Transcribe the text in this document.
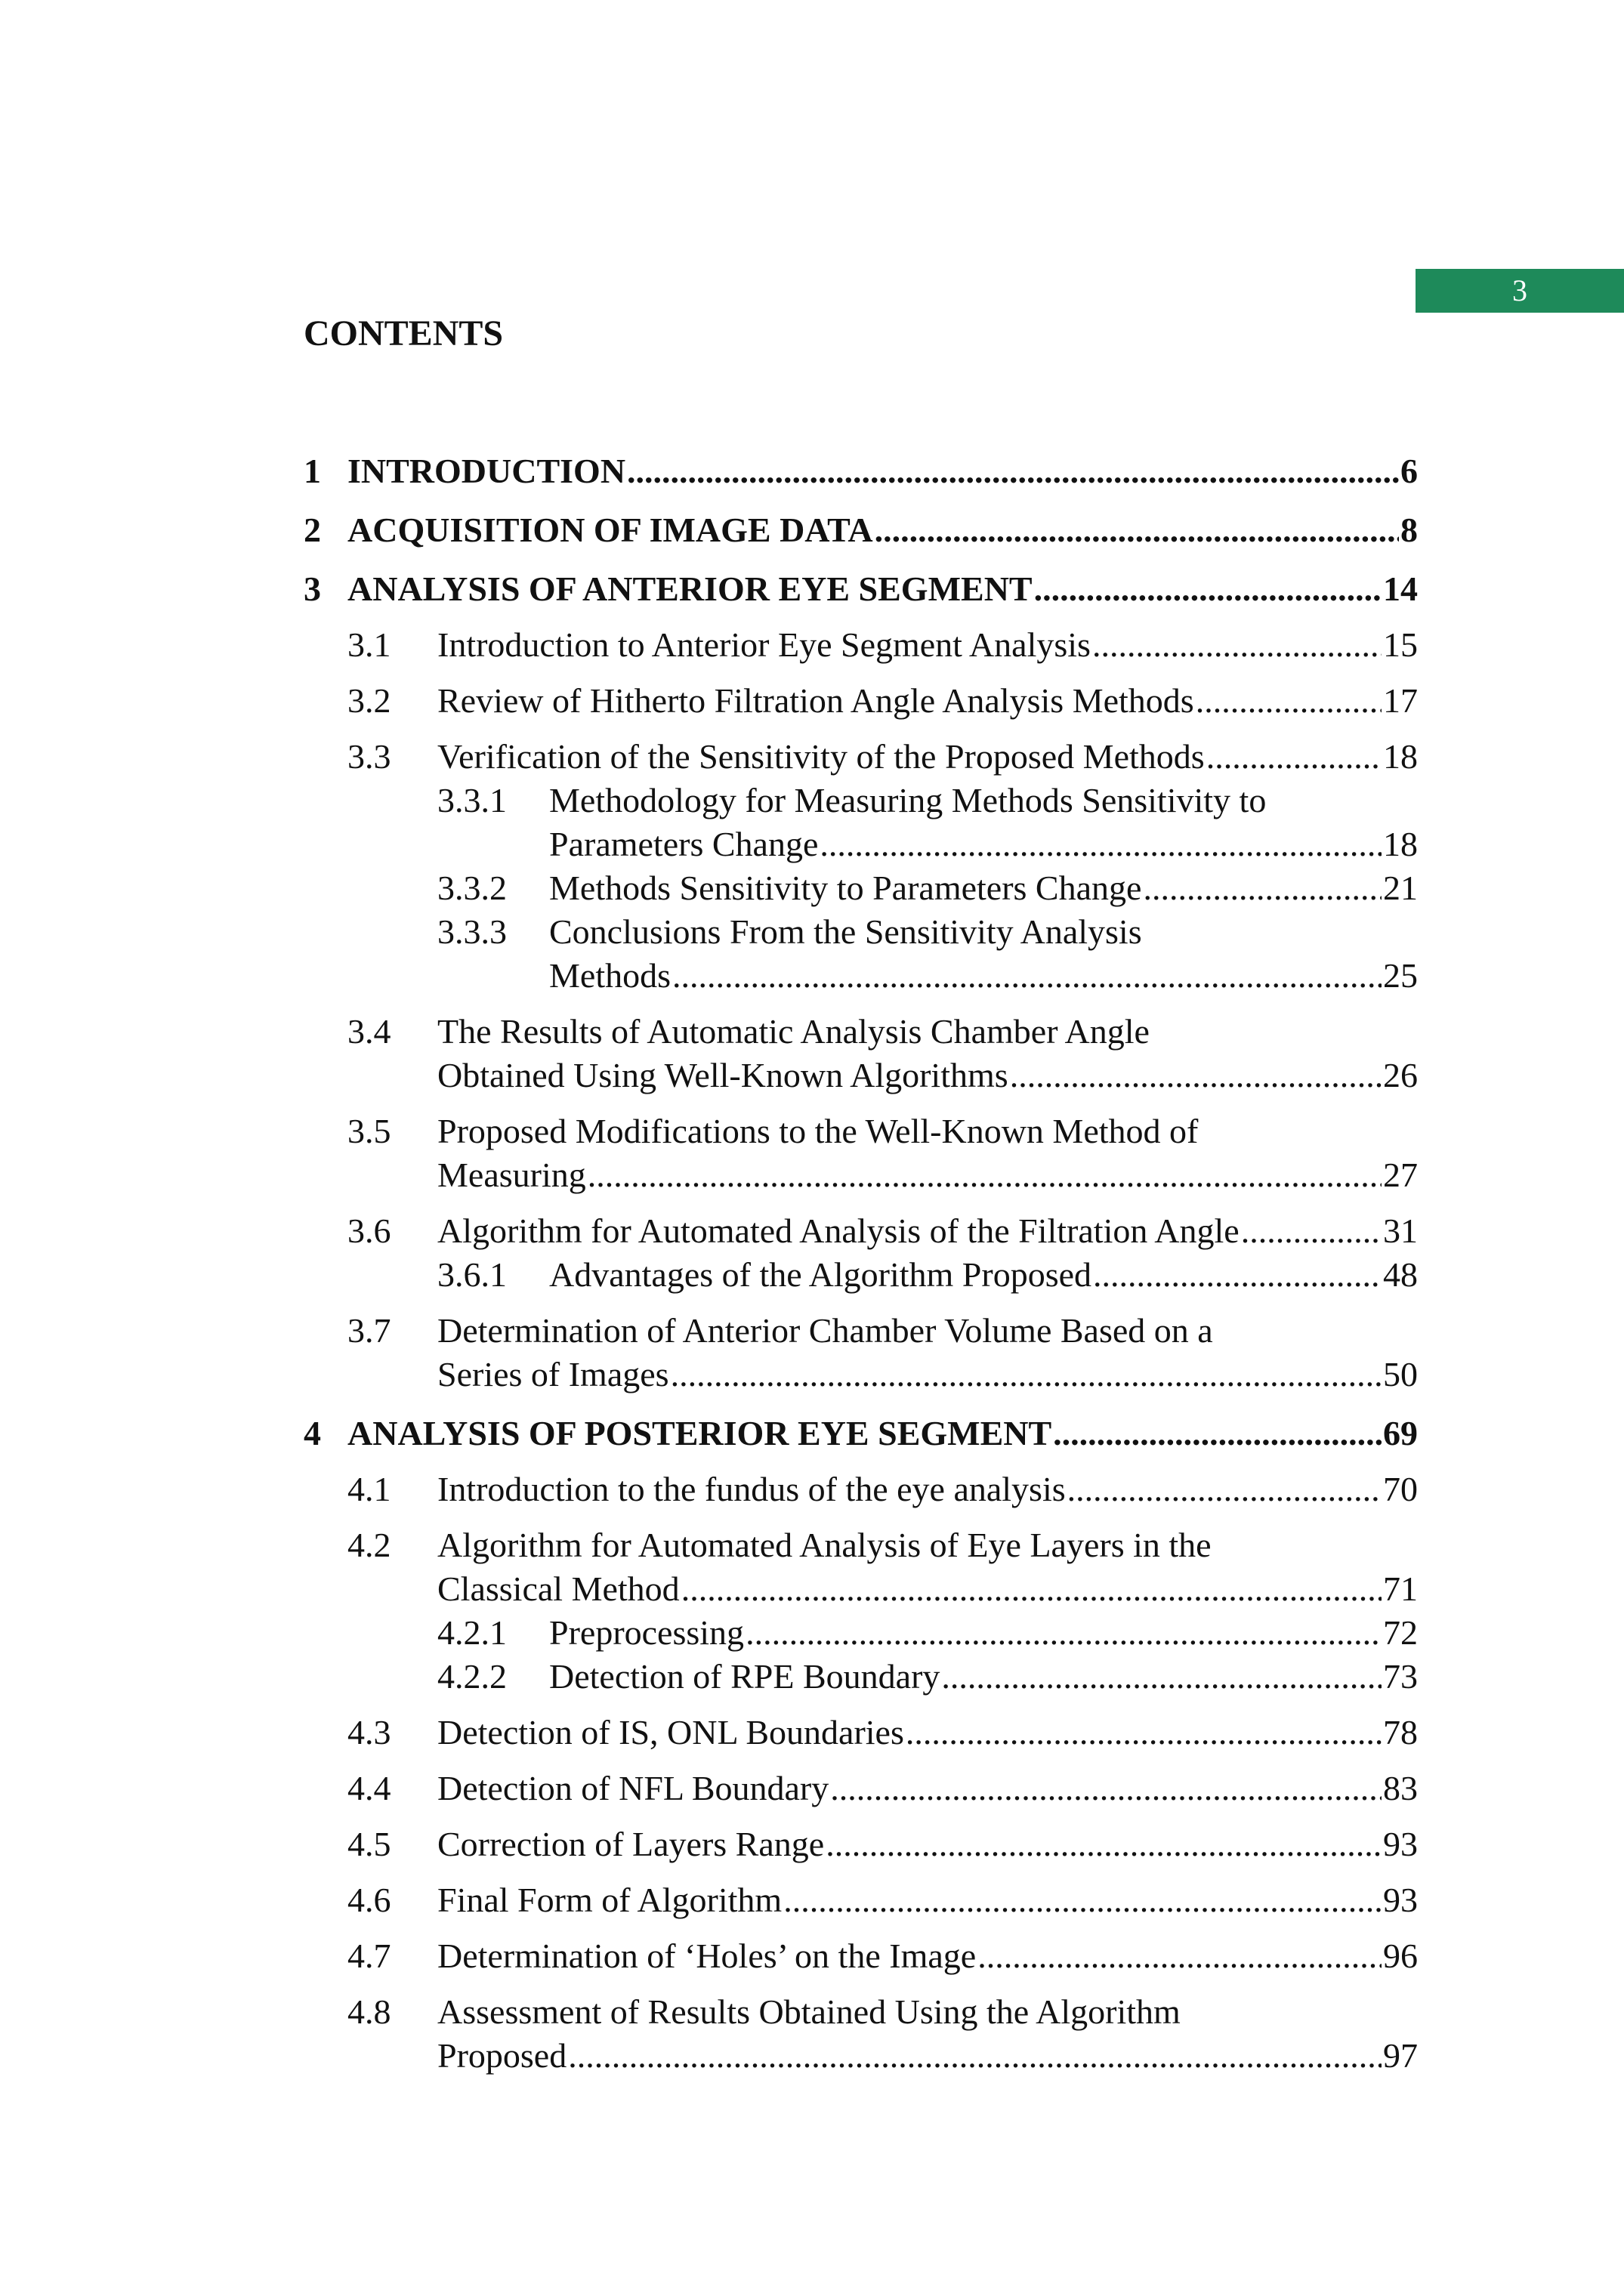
3
CONTENTS
1 INTRODUCTION .....	6
2 ACQUISITION OF IMAGE DATA .....	8
3 ANALYSIS OF ANTERIOR EYE SEGMENT .....	14
3.1 Introduction to Anterior Eye Segment Analysis .....	15
3.2 Review of Hitherto Filtration Angle Analysis Methods .....	17
3.3 Verification of the Sensitivity of the Proposed Methods .....	18
3.3.1 Methodology for Measuring Methods Sensitivity to
Parameters Change .....	18
3.3.2 Methods Sensitivity to Parameters Change .....	21
3.3.3 Conclusions From the Sensitivity Analysis
Methods .....	25
3.4 The Results of Automatic Analysis Chamber Angle
Obtained Using Well-Known Algorithms .....	26
3.5 Proposed Modifications to the Well-Known Method of
Measuring .....	27
3.6 Algorithm for Automated Analysis of the Filtration Angle .....	31
3.6.1 Advantages of the Algorithm Proposed .....	48
3.7 Determination of Anterior Chamber Volume Based on a
Series of Images .....	50
4 ANALYSIS OF POSTERIOR EYE SEGMENT .....	69
4.1 Introduction to the fundus of the eye analysis .....	70
4.2 Algorithm for Automated Analysis of Eye Layers in the
Classical Method .....	71
4.2.1 Preprocessing .....	72
4.2.2 Detection of RPE Boundary .....	73
4.3 Detection of IS, ONL Boundaries .....	78
4.4 Detection of NFL Boundary .....	83
4.5 Correction of Layers Range .....	93
4.6 Final Form of Algorithm .....	93
4.7 Determination of ‘Holes’ on the Image .....	96
4.8 Assessment of Results Obtained Using the Algorithm
Proposed .....	97
